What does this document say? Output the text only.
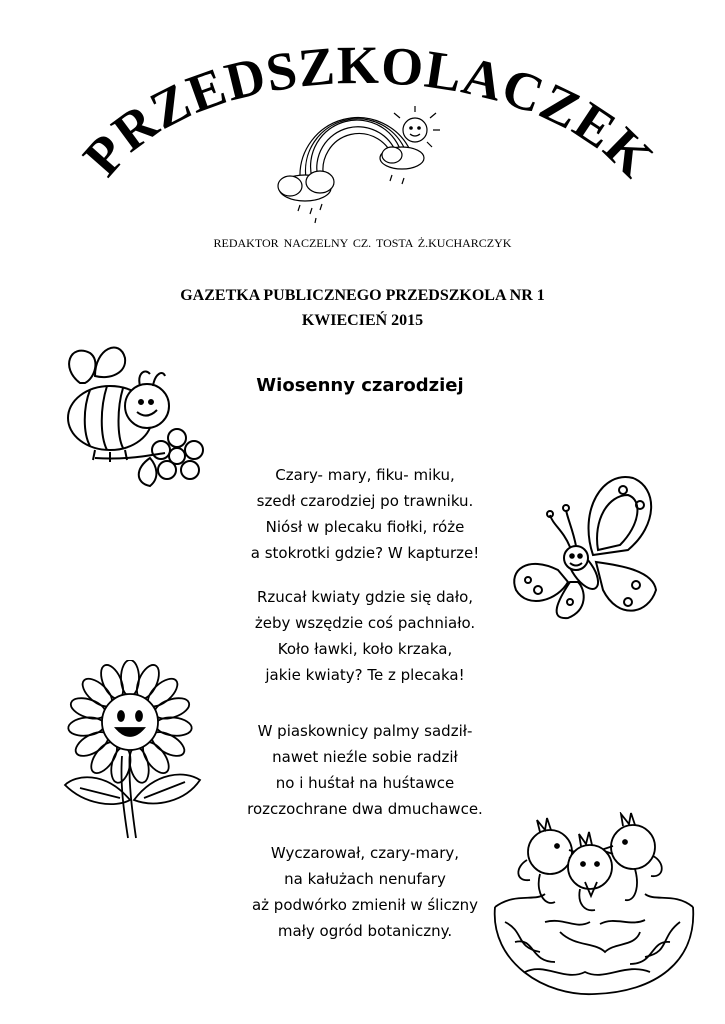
PRZEDSZKOLACZEK
REDAKTOR NACZELNY CZ. TOSTA Ż.KUCHARCZYK
GAZETKA PUBLICZNEGO PRZEDSZKOLA NR 1
KWIECIEŃ 2015
Wiosenny czarodziej
Czary- mary, fiku- miku,
szedł czarodziej po trawniku.
Niósł w plecaku fiołki, róże
a stokrotki gdzie? W kapturze!
Rzucał kwiaty gdzie się dało,
żeby wszędzie coś pachniało.
Koło ławki, koło krzaka,
jakie kwiaty? Te z plecaka!
W piaskownicy palmy sadził-
nawet nieźle sobie radził
no i huśtał na huśtawce
rozczochrane dwa dmuchawce.
Wyczarował, czary-mary,
na kałużach nenufary
aż podwórko zmienił w śliczny
mały ogród botaniczny.
